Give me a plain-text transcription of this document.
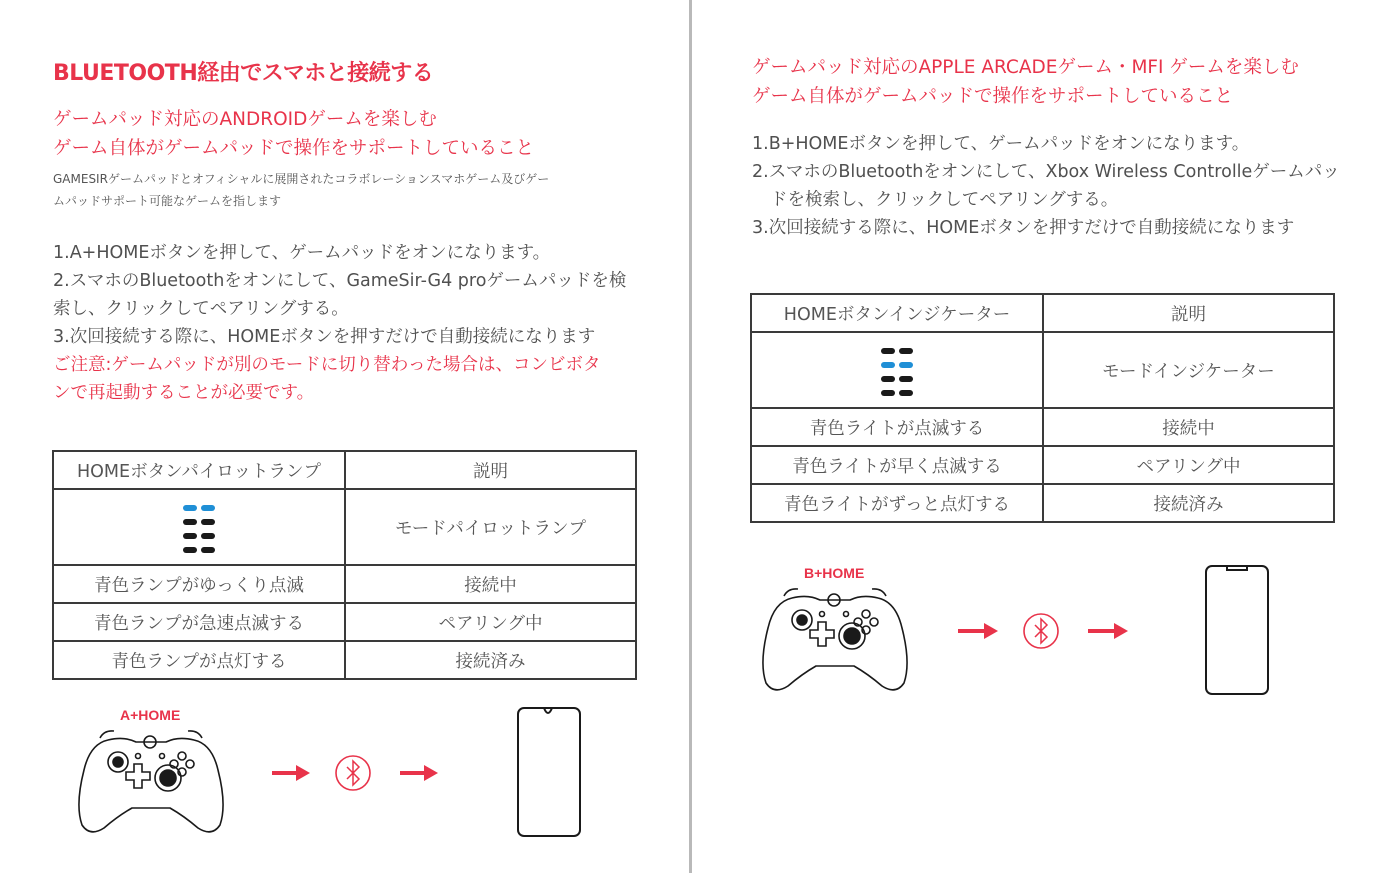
BLUETOOTH経由でスマホと接続する
ゲームパッド対応のANDROIDゲームを楽しむ
ゲーム自体がゲームパッドで操作をサポートしていること
GAMESIRゲームパッドとオフィシャルに展開されたコラボレーションスマホゲーム及びゲー
ムパッドサポート可能なゲームを指します
1.A+HOMEボタンを押して、ゲームパッドをオンになります。
2.スマホのBluetoothをオンにして、GameSir-G4 proゲームパッドを検
索し、クリックしてペアリングする。
3.次回接続する際に、HOMEボタンを押すだけで自動接続になります
ご注意:ゲームパッドが別のモードに切り替わった場合は、コンビボタ
ンで再起動することが必要です。
HOMEボタンパイロットランプ	説明

	モードパイロットランプ
青色ランプがゆっくり点滅	接続中
青色ランプが急速点滅する	ペアリング中
青色ランプが点灯する	接続済み
A+HOME
ゲームパッド対応のAPPLE ARCADEゲーム・MFI ゲームを楽しむ
ゲーム自体がゲームパッドで操作をサポートしていること
1.B+HOMEボタンを押して、ゲームパッドをオンになります。
2.スマホのBluetoothをオンにして、Xbox Wireless Controlleゲームパッ
ドを検索し、クリックしてペアリングする。
3.次回接続する際に、HOMEボタンを押すだけで自動接続になります
HOMEボタンインジケーター	説明

	モードインジケーター
青色ライトが点滅する	接続中
青色ライトが早く点滅する	ペアリング中
青色ライトがずっと点灯する	接続済み
B+HOME
